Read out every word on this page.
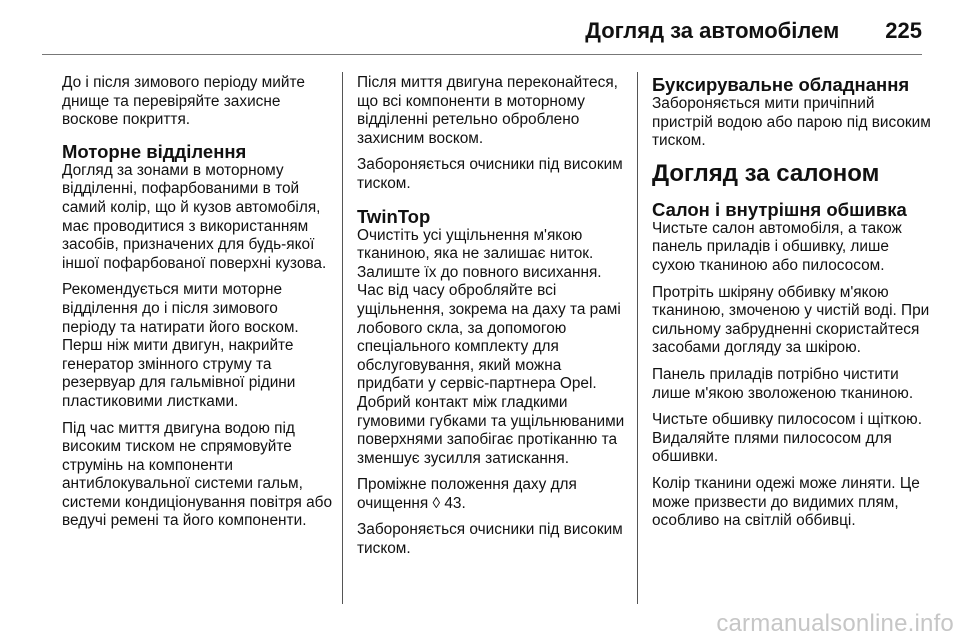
Догляд за автомобілем 225

До і після зимового періоду мийте днище та перевіряйте захисне воскове покриття.

Моторне відділення

Догляд за зонами в моторному відділенні, пофарбованими в той самий колір, що й кузов автомобіля, має проводитися з використанням засобів, призначених для будь-якої іншої пофарбованої поверхні кузова.

Рекомендується мити моторне відділення до і після зимового періоду та натирати його воском. Перш ніж мити двигун, накрийте генератор змінного струму та резервуар для гальмівної рідини пластиковими листками.

Під час миття двигуна водою під високим тиском не спрямовуйте струмінь на компоненти антиблокувальної системи гальм, системи кондиціонування повітря або ведучі ремені та його компоненти.

Після миття двигуна переконайтеся, що всі компоненти в моторному відділенні ретельно оброблено захисним воском.

Забороняється очисники під високим тиском.

TwinTop

Очистіть усі ущільнення м'якою тканиною, яка не залишає ниток. Залиште їх до повного висихання. Час від часу обробляйте всі ущільнення, зокрема на даху та рамі лобового скла, за допомогою спеціального комплекту для обслуговування, який можна придбати у сервіс-партнера Opel. Добрий контакт між гладкими гумовими губками та ущільнюваними поверхнями запобігає протіканню та зменшує зусилля затискання.

Проміжне положення даху для очищення ◊ 43.

Забороняється очисники під високим тиском.

Буксирувальне обладнання

Забороняється мити причіпний пристрій водою або парою під високим тиском.

Догляд за салоном
Салон і внутрішня обшивка

Чистьте салон автомобіля, а також панель приладів і обшивку, лише сухою тканиною або пилососом.

Протріть шкіряну оббивку м'якою тканиною, змоченою у чистій воді. При сильному забрудненні скористайтеся засобами догляду за шкірою.

Панель приладів потрібно чистити лише м'якою зволоженою тканиною.

Чистьте обшивку пилососом і щіткою. Видаляйте плями пилососом для обшивки.

Колір тканини одежі може линяти. Це може призвести до видимих плям, особливо на світлій оббивці.

carmanualsonline.info
